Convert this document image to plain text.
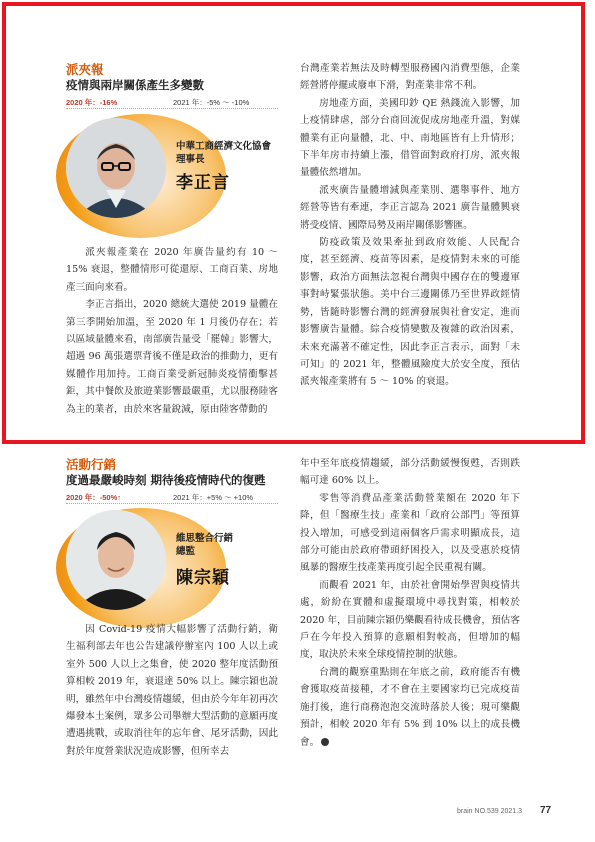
派夾報
疫情與兩岸關係產生多變數
2020 年：-16%	2021 年：-5% ～ -10%
中華工商經濟文化協會
理事長
李正言

派夾報產業在 2020 年廣告量約有 10 ～ 15% 衰退，整體情形可從還原、工商百業、房地產三面向來看。

李正言指出，2020 總統大選使 2019 量體在第三季開始加溫，至 2020 年 1 月後仍存在；若以區域量體來看，南部廣告量受「罷韓」影響大，超過 96 萬張選票背後不僅是政治的推動力，更有媒體作用加持。工商百業受新冠肺炎疫情衝擊甚鉅，其中餐飲及旅遊業影響最嚴重，尤以服務陸客為主的業者，由於來客量銳減，原由陸客帶動的

台灣產業若無法及時轉型服務國內消費型態，企業經營將停擺或廢車下滑，對產業非常不利。

房地產方面，美國印鈔 QE 熱錢流入影響，加上疫情肆虐，部分台商回流促成房地產升溫，對媒體業有正向量體，北、中、南地區皆有上升情形；下半年房市持續上漲，借管面對政府打房，派夾報量體依然增加。

派夾廣告量體增減與產業別、選舉事件、地方經營等皆有牽連，李正言認為 2021 廣告量體興衰將受疫情、國際局勢及兩岸關係影響匯。

防疫政策及效果牽扯到政府效能、人民配合度，甚至經濟、疫苗等因素，是疫情對未來的可能影響，政治方面無法忽視台灣與中國存在的雙邊軍事對峙緊張狀態。美中台三邊關係乃至世界政經情勢，皆隨時影響台灣的經濟發展與社會安定，進而影響廣告量體。綜合疫情變數及複雜的政治因素，未來充滿著不確定性，因此李正言表示，面對「未可知」的 2021 年，整體風險度大於安全度，預估派夾報產業將有 5 ～ 10% 的衰退。

活動行銷
度過最嚴峻時刻 期待後疫情時代的復甦
2020 年：-50%↑	2021 年：+5% ～ +10%
維思整合行銷
總監
陳宗穎

因 Covid-19 疫情大幅影響了活動行銷，衛生福利部去年也公告建議停辦室內 100 人以上或室外 500 人以上之集會，使 2020 整年度活動預算相較 2019 年，衰退達 50% 以上。陳宗穎也說明，雖然年中台灣疫情趨緩，但由於今年年初再次爆發本土案例，眾多公司舉辦大型活動的意願再度遭遇挑戰，或取消往年的忘年會、尾牙活動，因此對於年度營業狀況造成影響，但所幸去

年中至年底疫情趨緩，部分活動緩慢復甦，否則跌幅可達 60% 以上。

零售等消費品產業活動營業額在 2020 年下降，但「醫療生技」產業和「政府公部門」等預算投入增加，可感受到這兩個客戶需求明顯成長，這部分可能由於政府帶頭紓困投入，以及受惠於疫情風暴的醫療生技產業再度引起全民重視有關。

而觀看 2021 年，由於社會開始學習與疫情共處，紛紛在實體和虛擬環境中尋找對策，相較於 2020 年，目前陳宗穎仍樂觀看待成長機會，預估客戶在今年投入預算的意願相對較高，但增加的幅度，取決於未來全球疫情控制的狀態。

台灣的觀察重點則在年底之前，政府能否有機會獲取疫苗接種，才不會在主要國家均已完成疫苗施打後，進行商務泡泡交流時落於人後；現可樂觀預計，相較 2020 年有 5% 到 10% 以上的成長機會。

brain NO.539 2021.3 77
